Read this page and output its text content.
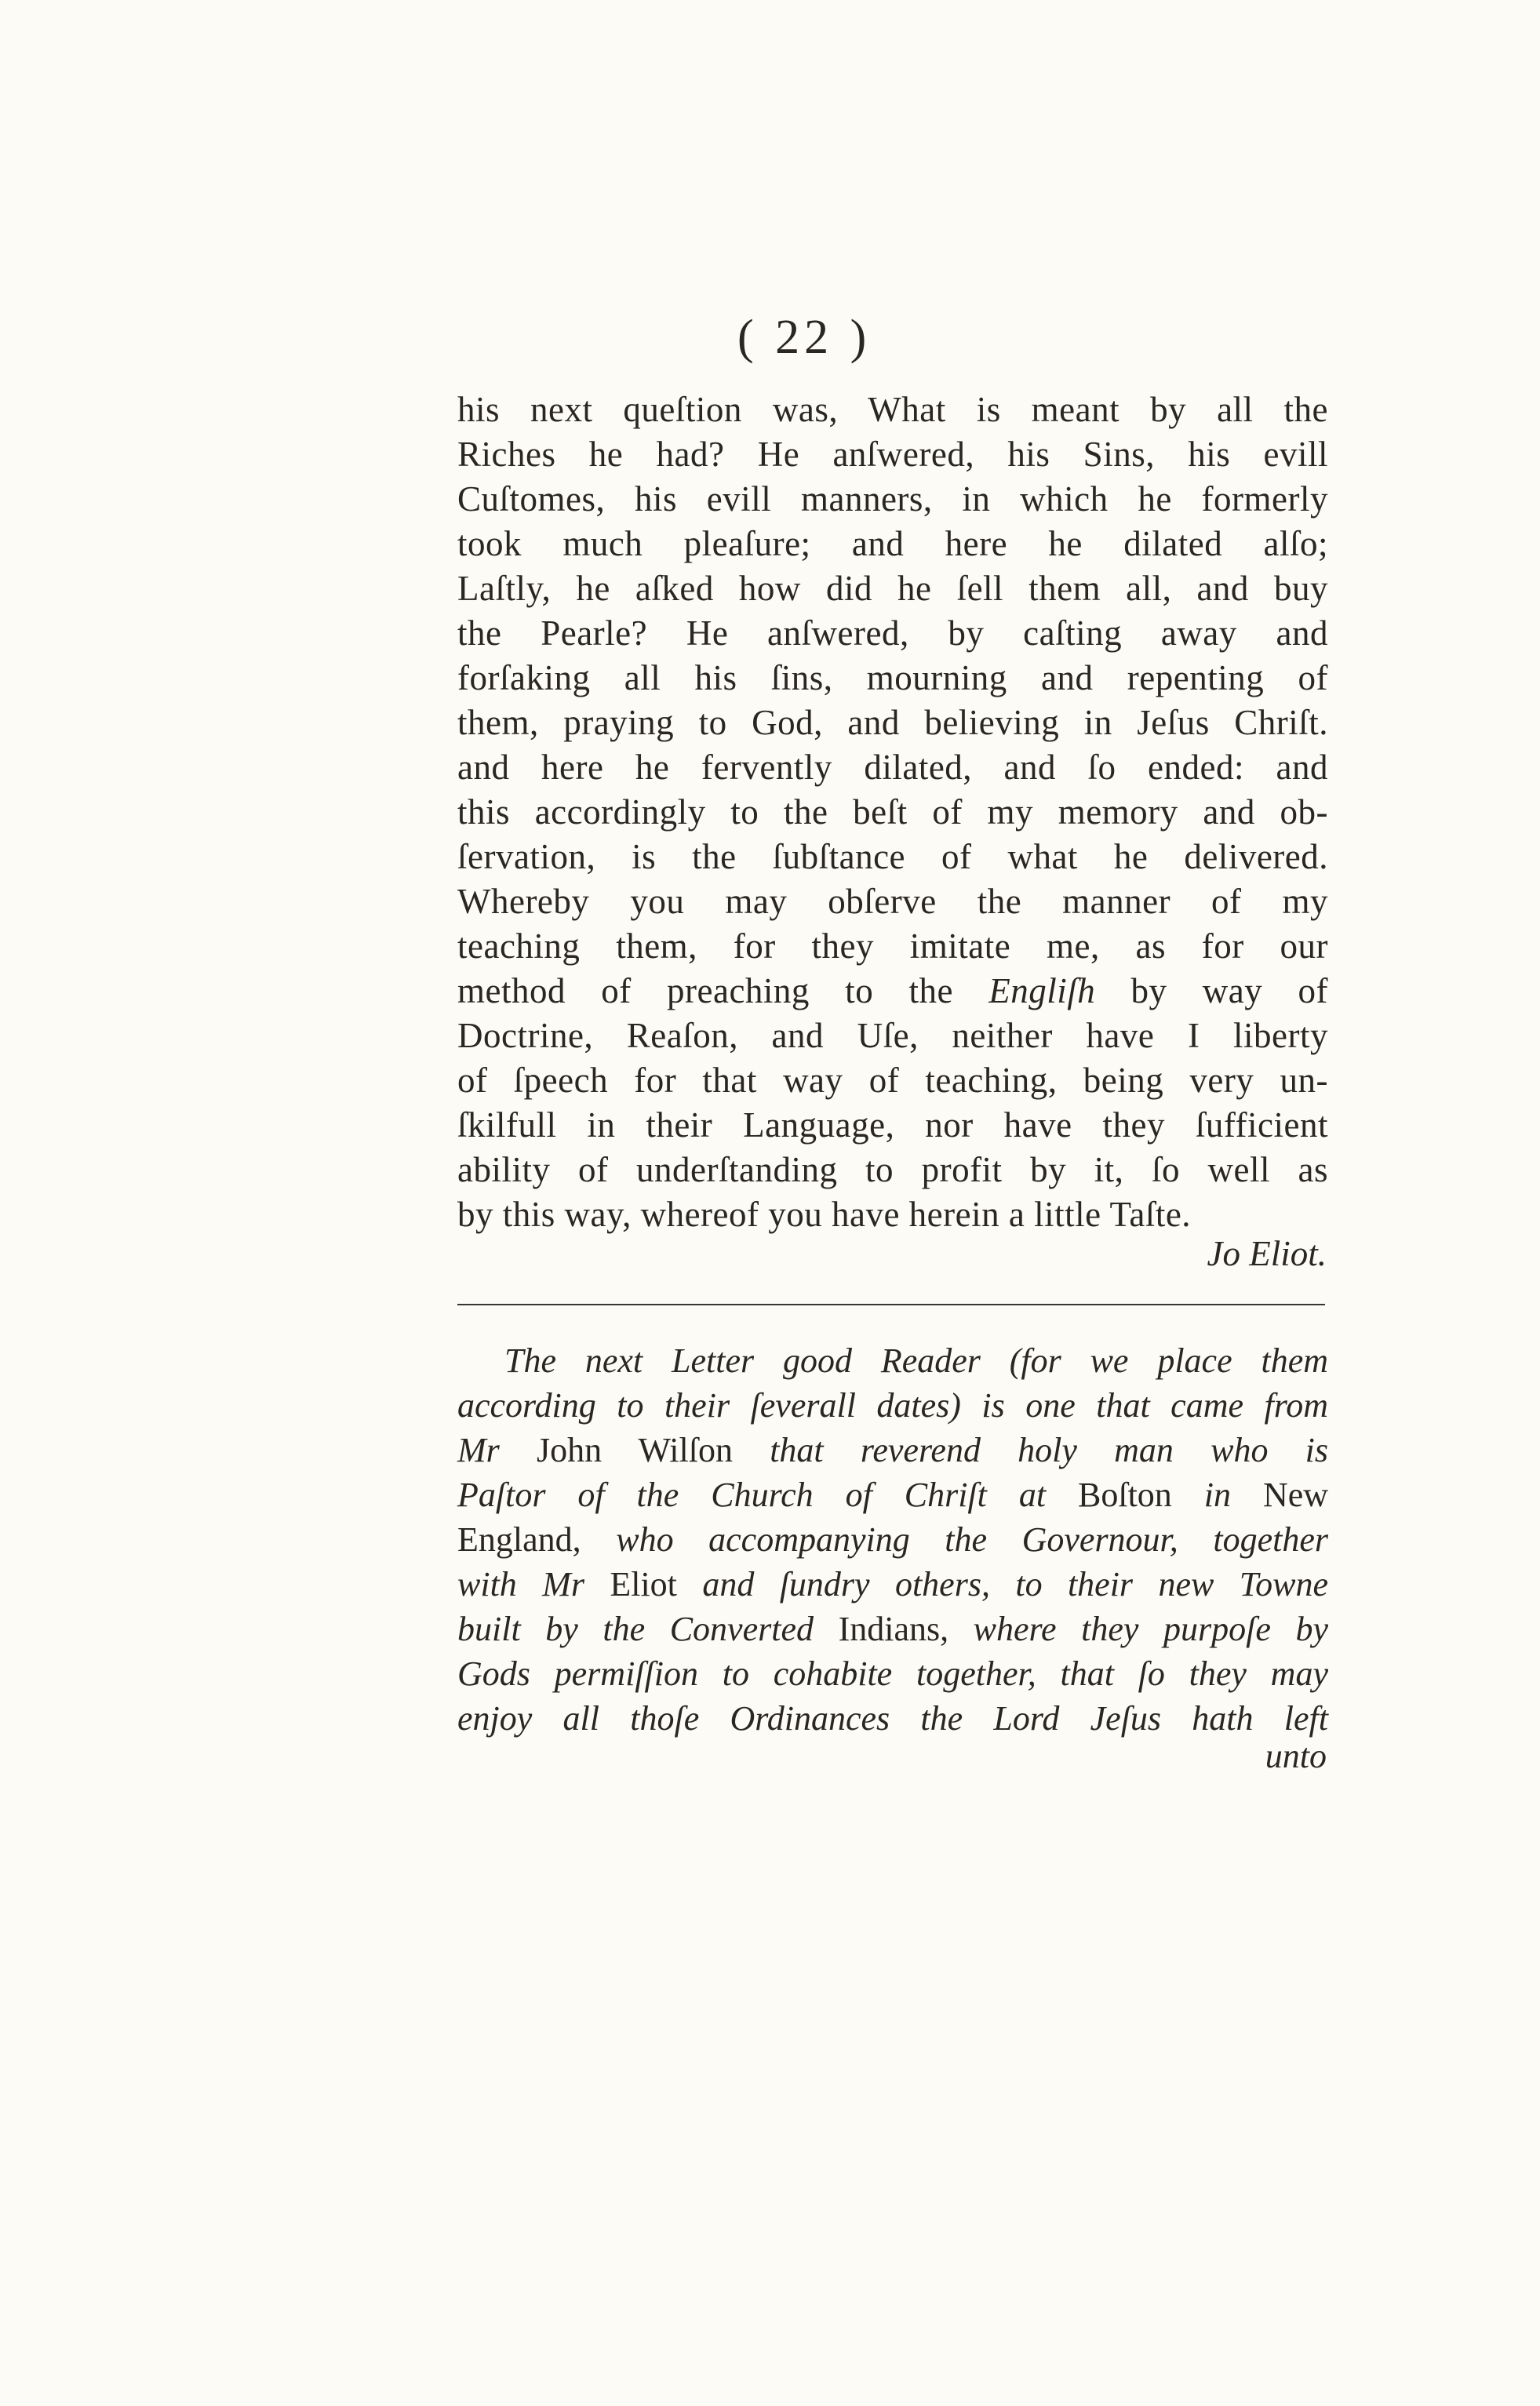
( 22 )
his next queſtion was, What is meant by all the
Riches he had? He anſwered, his Sins, his evill
Cuſtomes, his evill manners, in which he formerly
took much pleaſure; and here he dilated alſo;
Laſtly, he aſked how did he ſell them all, and buy
the Pearle? He anſwered, by caſting away and
forſaking all his ſins, mourning and repenting of
them, praying to God, and believing in Jeſus Chriſt.
and here he fervently dilated, and ſo ended: and
this accordingly to the beſt of my memory and ob-
ſervation, is the ſubſtance of what he delivered.
Whereby you may obſerve the manner of my
teaching them, for they imitate me, as for our
method of preaching to the Engliſh by way of
Doctrine, Reaſon, and Uſe, neither have I liberty
of ſpeech for that way of teaching, being very un-
ſkilfull in their Language, nor have they ſufficient
ability of underſtanding to profit by it, ſo well as
by this way, whereof you have herein a little Taſte.
Jo Eliot.
The next Letter good Reader (for we place them
according to their ſeverall dates) is one that came from
Mr John Wilſon that reverend holy man who is
Paſtor of the Church of Chriſt at Boſton in New
England, who accompanying the Governour, together
with Mr Eliot and ſundry others, to their new Towne
built by the Converted Indians, where they purpoſe by
Gods permiſſion to cohabite together, that ſo they may
enjoy all thoſe Ordinances the Lord Jeſus hath left
unto
